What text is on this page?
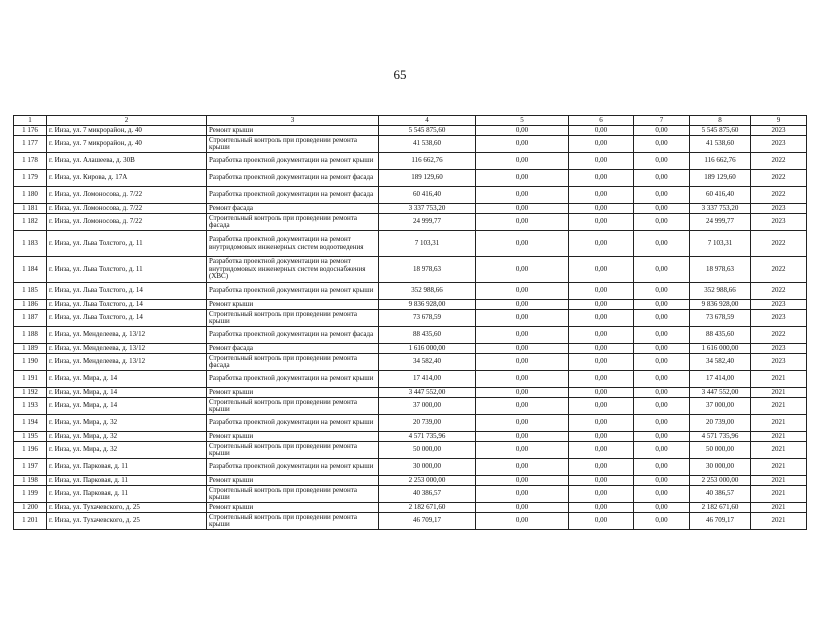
65
1	2	3	4	5	6	7	8	9
1 176	г. Инза, ул. 7 микрорайон, д. 40	Ремонт крыши	5 545 875,60	0,00	0,00	0,00	5 545 875,60	2023
1 177	г. Инза, ул. 7 микрорайон, д. 40	Строительный контроль при проведении ремонта крыши	41 538,60	0,00	0,00	0,00	41 538,60	2023
1 178	г. Инза, ул. Алашеева, д. 30В	Разработка проектной документации на ремонт крыши	116 662,76	0,00	0,00	0,00	116 662,76	2022
1 179	г. Инза, ул. Кирова, д. 17А	Разработка проектной документации на ремонт фасада	189 129,60	0,00	0,00	0,00	189 129,60	2022
1 180	г. Инза, ул. Ломоносова, д. 7/22	Разработка проектной документации на ремонт фасада	60 416,40	0,00	0,00	0,00	60 416,40	2022
1 181	г. Инза, ул. Ломоносова, д. 7/22	Ремонт фасада	3 337 753,20	0,00	0,00	0,00	3 337 753,20	2023
1 182	г. Инза, ул. Ломоносова, д. 7/22	Строительный контроль при проведении ремонта фасада	24 999,77	0,00	0,00	0,00	24 999,77	2023
1 183	г. Инза, ул. Льва Толстого, д. 11	Разработка проектной документации на ремонт внутридомовых инженерных систем водоотведения	7 103,31	0,00	0,00	0,00	7 103,31	2022
1 184	г. Инза, ул. Льва Толстого, д. 11	Разработка проектной документации на ремонт внутридомовых инженерных систем водоснабжения (ХВС)	18 978,63	0,00	0,00	0,00	18 978,63	2022
1 185	г. Инза, ул. Льва Толстого, д. 14	Разработка проектной документации на ремонт крыши	352 988,66	0,00	0,00	0,00	352 988,66	2022
1 186	г. Инза, ул. Льва Толстого, д. 14	Ремонт крыши	9 836 928,00	0,00	0,00	0,00	9 836 928,00	2023
1 187	г. Инза, ул. Льва Толстого, д. 14	Строительный контроль при проведении ремонта крыши	73 678,59	0,00	0,00	0,00	73 678,59	2023
1 188	г. Инза, ул. Менделеева, д. 13/12	Разработка проектной документации на ремонт фасада	88 435,60	0,00	0,00	0,00	88 435,60	2022
1 189	г. Инза, ул. Менделеева, д. 13/12	Ремонт фасада	1 616 000,00	0,00	0,00	0,00	1 616 000,00	2023
1 190	г. Инза, ул. Менделеева, д. 13/12	Строительный контроль при проведении ремонта фасада	34 582,40	0,00	0,00	0,00	34 582,40	2023
1 191	г. Инза, ул. Мира, д. 14	Разработка проектной документации на ремонт крыши	17 414,00	0,00	0,00	0,00	17 414,00	2021
1 192	г. Инза, ул. Мира, д. 14	Ремонт крыши	3 447 552,00	0,00	0,00	0,00	3 447 552,00	2021
1 193	г. Инза, ул. Мира, д. 14	Строительный контроль при проведении ремонта крыши	37 000,00	0,00	0,00	0,00	37 000,00	2021
1 194	г. Инза, ул. Мира, д. 32	Разработка проектной документации на ремонт крыши	20 739,00	0,00	0,00	0,00	20 739,00	2021
1 195	г. Инза, ул. Мира, д. 32	Ремонт крыши	4 571 735,96	0,00	0,00	0,00	4 571 735,96	2021
1 196	г. Инза, ул. Мира, д. 32	Строительный контроль при проведении ремонта крыши	50 000,00	0,00	0,00	0,00	50 000,00	2021
1 197	г. Инза, ул. Парковая, д. 11	Разработка проектной документации на ремонт крыши	30 000,00	0,00	0,00	0,00	30 000,00	2021
1 198	г. Инза, ул. Парковая, д. 11	Ремонт крыши	2 253 000,00	0,00	0,00	0,00	2 253 000,00	2021
1 199	г. Инза, ул. Парковая, д. 11	Строительный контроль при проведении ремонта крыши	40 386,57	0,00	0,00	0,00	40 386,57	2021
1 200	г. Инза, ул. Тухачевского, д. 25	Ремонт крыши	2 182 671,60	0,00	0,00	0,00	2 182 671,60	2021
1 201	г. Инза, ул. Тухачевского, д. 25	Строительный контроль при проведении ремонта крыши	46 709,17	0,00	0,00	0,00	46 709,17	2021
